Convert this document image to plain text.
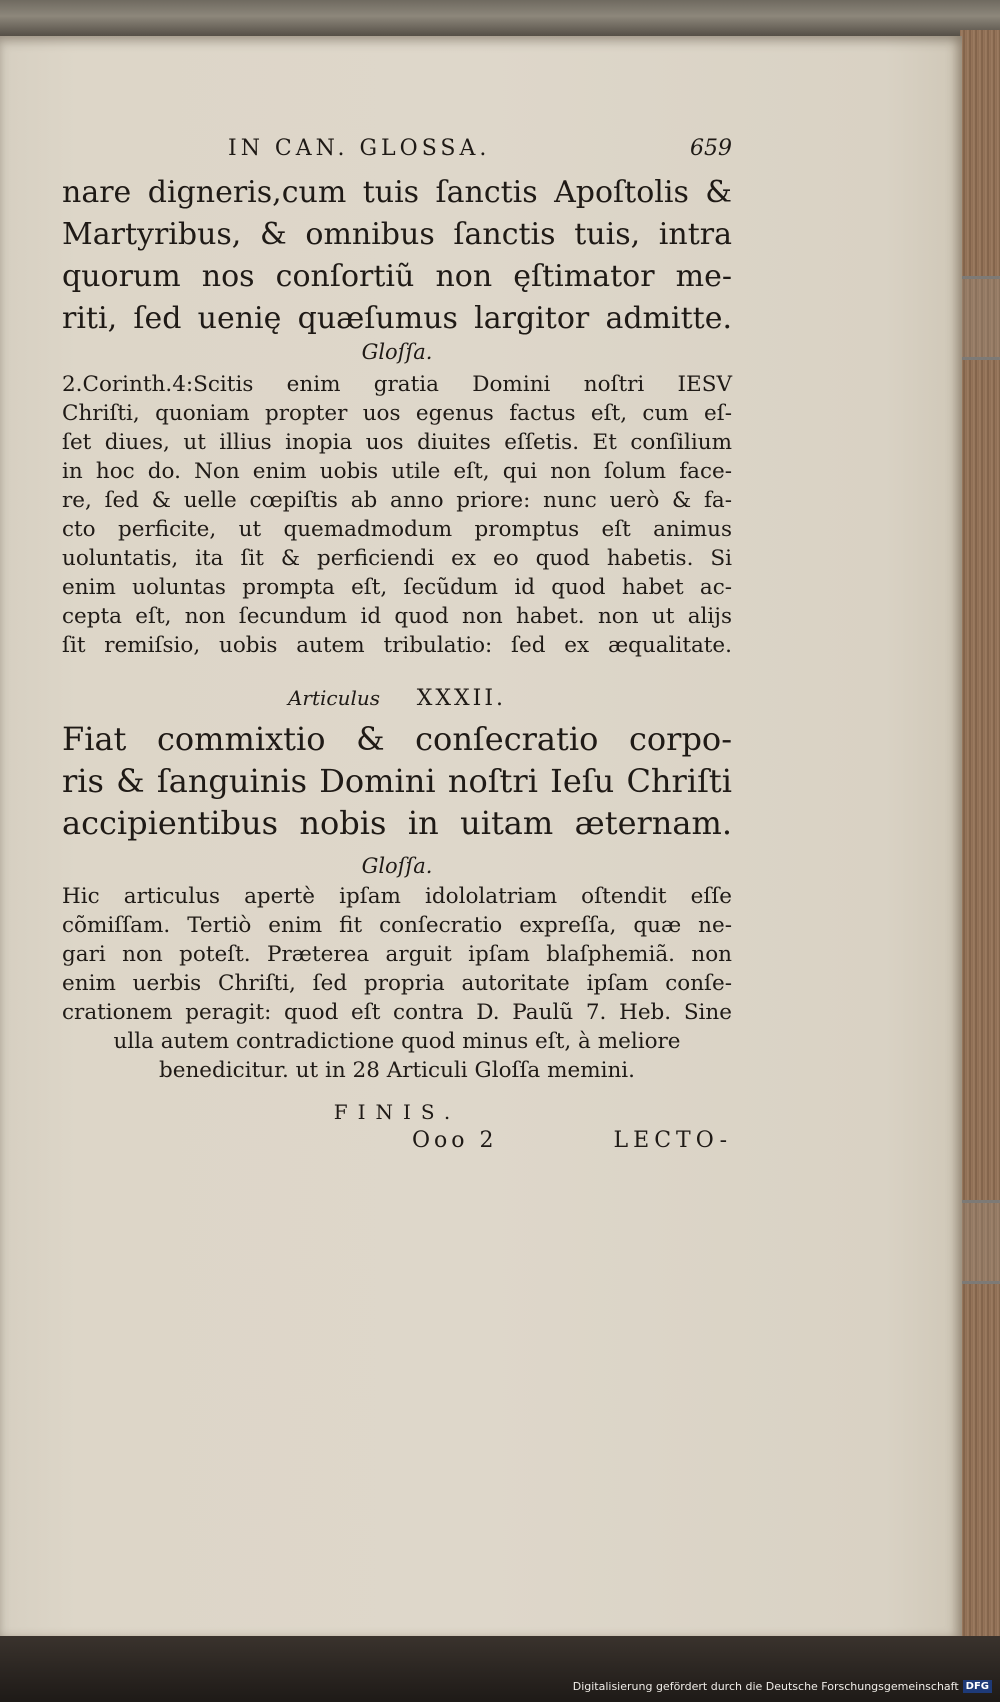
IN CAN. GLOSSA.	659
nare digneris,cum tuis ſanctis Apoſtolis &
Martyribus, & omnibus ſanctis tuis, intra
quorum nos conſortiũ non ęſtimator me-
riti, ſed uenię quæſumus largitor admitte.
Gloſſa.
2.Corinth.4:Scitis enim gratia Domini noſtri IESV
Chriſti, quoniam propter uos egenus factus eſt, cum eſ-
ſet diues, ut illius inopia uos diuites eſſetis. Et conſilium
in hoc do. Non enim uobis utile eſt, qui non ſolum face-
re, ſed & uelle cœpiſtis ab anno priore: nunc uerò & fa-
cto perficite, ut quemadmodum promptus eſt animus
uoluntatis, ita ſit & perficiendi ex eo quod habetis. Si
enim uoluntas prompta eſt, ſecũdum id quod habet ac-
cepta eſt, non ſecundum id quod non habet. non ut alijs
ſit remiſsio, uobis autem tribulatio: ſed ex æqualitate.
Articulus XXXII.
Fiat commixtio & conſecratio corpo-
ris & ſanguinis Domini noſtri Ieſu Chriſti
accipientibus nobis in uitam æternam.
Gloſſa.
Hic articulus apertè ipſam idololatriam oſtendit eſſe
cõmiſſam. Tertiò enim fit conſecratio expreſſa, quæ ne-
gari non poteſt. Præterea arguit ipſam blaſphemiã. non
enim uerbis Chriſti, ſed propria autoritate ipſam conſe-
crationem peragit: quod eſt contra D. Paulũ 7. Heb. Sine
ulla autem contradictione quod minus eſt, à meliore
benedicitur. ut in 28 Articuli Gloſſa memini.
FINIS.
Ooo 2	LECTO-
Digitalisierung gefördert durch die Deutsche Forschungsgemeinschaft DFG
